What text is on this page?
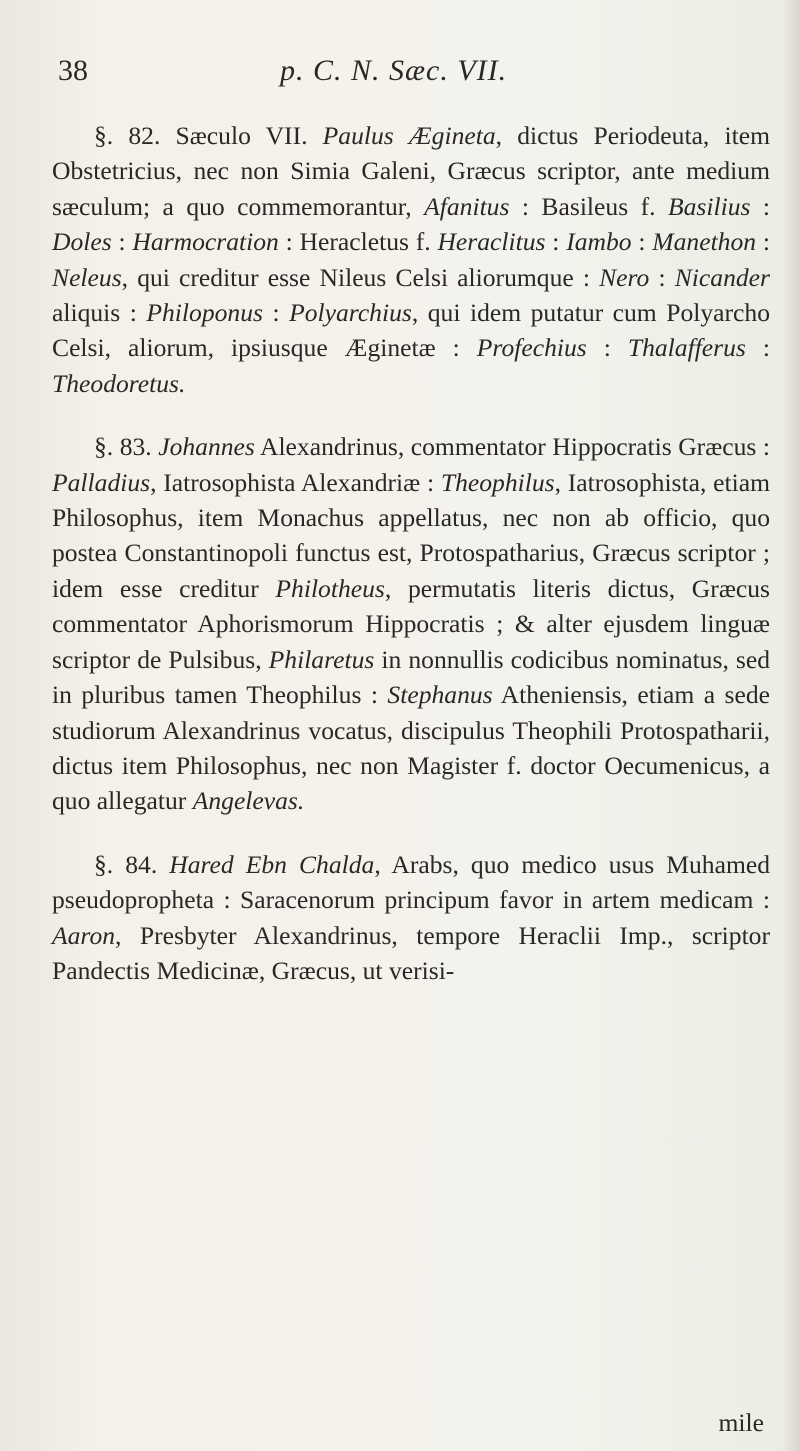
38	p. C. N. Sæc. VII.

§. 82. Sæculo VII. Paulus Æginetа, dictus Periodeuta, item Obstetricius, nec non Simia Galeni, Græcus scriptor, ante medium sæculum; a quo commemorantur, Afanitus : Basileus f. Basilius : Doles : Harmocration : Heracletus f. Heraclitus : Iambo : Manethon : Neleus, qui creditur esse Nileus Celsi aliorumque : Nero : Nicander aliquis : Philoponus : Polyarchius, qui idem putatur cum Polyarcho Celsi, aliorum, ipsiusque Æginetæ : Profechius : Thalafferus : Theodoretus.

§. 83. Johannes Alexandrinus, commentator Hippocratis Græcus : Palladius, Iatrosophista Alexandriæ : Theophilus, Iatrosophista, etiam Philosophus, item Monachus appellatus, nec non ab officio, quo postea Constantinopoli functus est, Protospatharius, Græcus scriptor ; idem esse creditur Philotheus, permutatis literis dictus, Græcus commentator Aphorismorum Hippocratis ; & alter ejusdem linguæ scriptor de Pulsibus, Philaretus in nonnullis codicibus nominatus, sed in pluribus tamen Theophilus : Stephanus Atheniensis, etiam a sede studiorum Alexandrinus vocatus, discipulus Theophili Protospatharii, dictus item Philosophus, nec non Magister f. doctor Oecumenicus, a quo allegatur Angelevas.

§. 84. Hared Ebn Chalda, Arabs, quo medico usus Muhamed pseudopropheta : Saracenorum principum favor in artem medicam : Aaron, Presbyter Alexandrinus, tempore Heraclii Imp., scriptor Pandectis Medicinæ, Græcus, ut verisi-

mile
